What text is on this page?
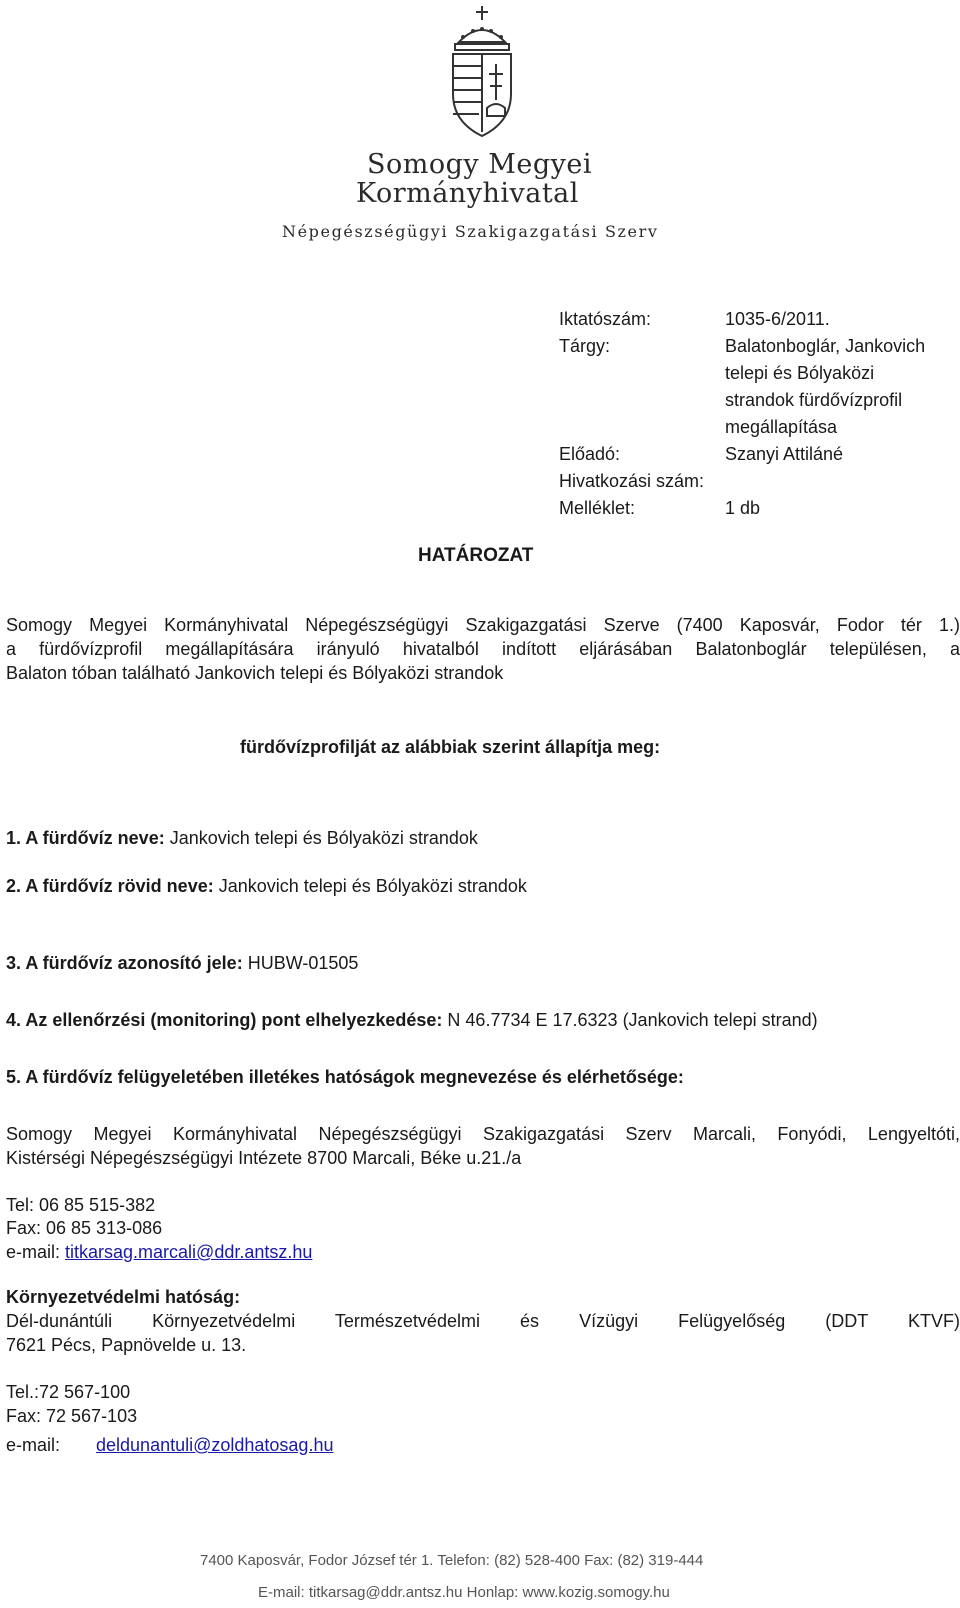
Somogy Megyei
Kormányhivatal
Népegészségügyi Szakigazgatási Szerv
Iktatószám:	1035-6/2011.
Tárgy:	Balatonboglár, Jankovich telepi és Bólyaközi strandok fürdővízprofil megállapítása
Előadó:	Szanyi Attiláné
Hivatkozási szám:
Melléklet:	1 db
HATÁROZAT
Somogy Megyei Kormányhivatal Népegészségügyi Szakigazgatási Szerve (7400 Kaposvár, Fodor tér 1.)
a fürdővízprofil megállapítására irányuló hivatalból indított eljárásában Balatonboglár településen, a
Balaton tóban található Jankovich telepi és Bólyaközi strandok
fürdővízprofilját az alábbiak szerint állapítja meg:
1. A fürdővíz neve: Jankovich telepi és Bólyaközi strandok
2. A fürdővíz rövid neve: Jankovich telepi és Bólyaközi strandok
3. A fürdővíz azonosító jele: HUBW-01505
4. Az ellenőrzési (monitoring) pont elhelyezkedése: N 46.7734 E 17.6323 (Jankovich telepi strand)
5. A fürdővíz felügyeletében illetékes hatóságok megnevezése és elérhetősége:
Somogy Megyei Kormányhivatal Népegészségügyi Szakigazgatási Szerv Marcali, Fonyódi, Lengyeltóti,
Kistérségi Népegészségügyi Intézete 8700 Marcali, Béke u.21./a
Tel: 06 85 515-382
Fax: 06 85 313-086
e-mail: titkarsag.marcali@ddr.antsz.hu
Környezetvédelmi hatóság:
Dél-dunántúli Környezetvédelmi Természetvédelmi és Vízügyi Felügyelőség (DDT KTVF)
7621 Pécs, Papnövelde u. 13.
Tel.:72 567-100
Fax: 72 567-103
e-mail: deldunantuli@zoldhatosag.hu
7400 Kaposvár, Fodor József tér 1. Telefon: (82) 528-400 Fax: (82) 319-444
E-mail: titkarsag@ddr.antsz.hu Honlap: www.kozig.somogy.hu
